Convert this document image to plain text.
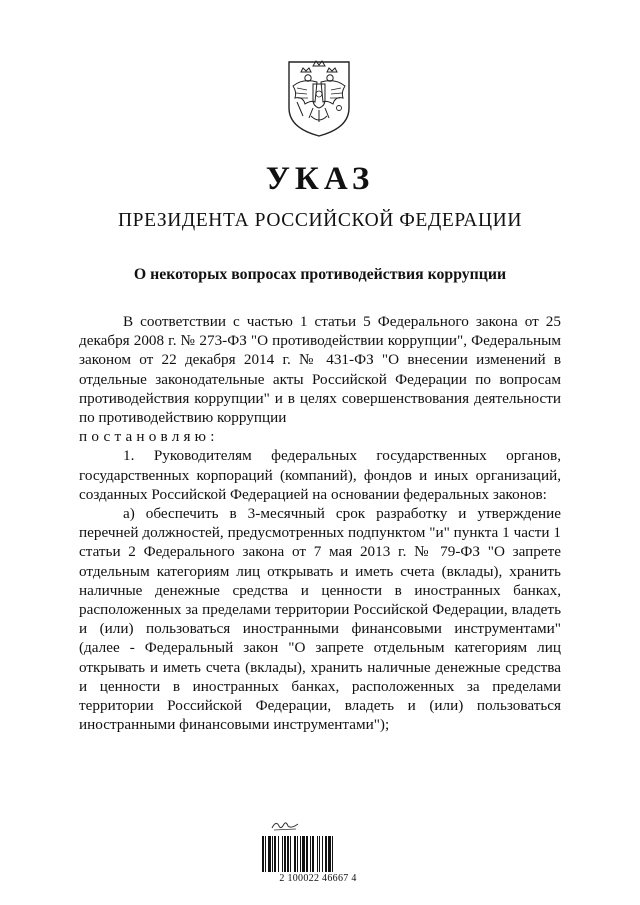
УКАЗ
ПРЕЗИДЕНТА РОССИЙСКОЙ ФЕДЕРАЦИИ
О некоторых вопросах противодействия коррупции

В соответствии с частью 1 статьи 5 Федерального закона от 25 декабря 2008 г. № 273-ФЗ "О противодействии коррупции", Федеральным законом от 22 декабря 2014 г. № 431-ФЗ "О внесении изменений в отдельные законодательные акты Российской Федерации по вопросам противодействия коррупции" и в целях совершенствования деятельности по противодействию коррупции

постановляю:

1. Руководителям федеральных государственных органов, государственных корпораций (компаний), фондов и иных организаций, созданных Российской Федерацией на основании федеральных законов:

а) обеспечить в 3-месячный срок разработку и утверждение перечней должностей, предусмотренных подпунктом "и" пункта 1 части 1 статьи 2 Федерального закона от 7 мая 2013 г. № 79-ФЗ "О запрете отдельным категориям лиц открывать и иметь счета (вклады), хранить наличные денежные средства и ценности в иностранных банках, расположенных за пределами территории Российской Федерации, владеть и (или) пользоваться иностранными финансовыми инструментами" (далее - Федеральный закон "О запрете отдельным категориям лиц открывать и иметь счета (вклады), хранить наличные денежные средства и ценности в иностранных банках, расположенных за пределами территории Российской Федерации, владеть и (или) пользоваться иностранными финансовыми инструментами");

2 100022 46667 4
